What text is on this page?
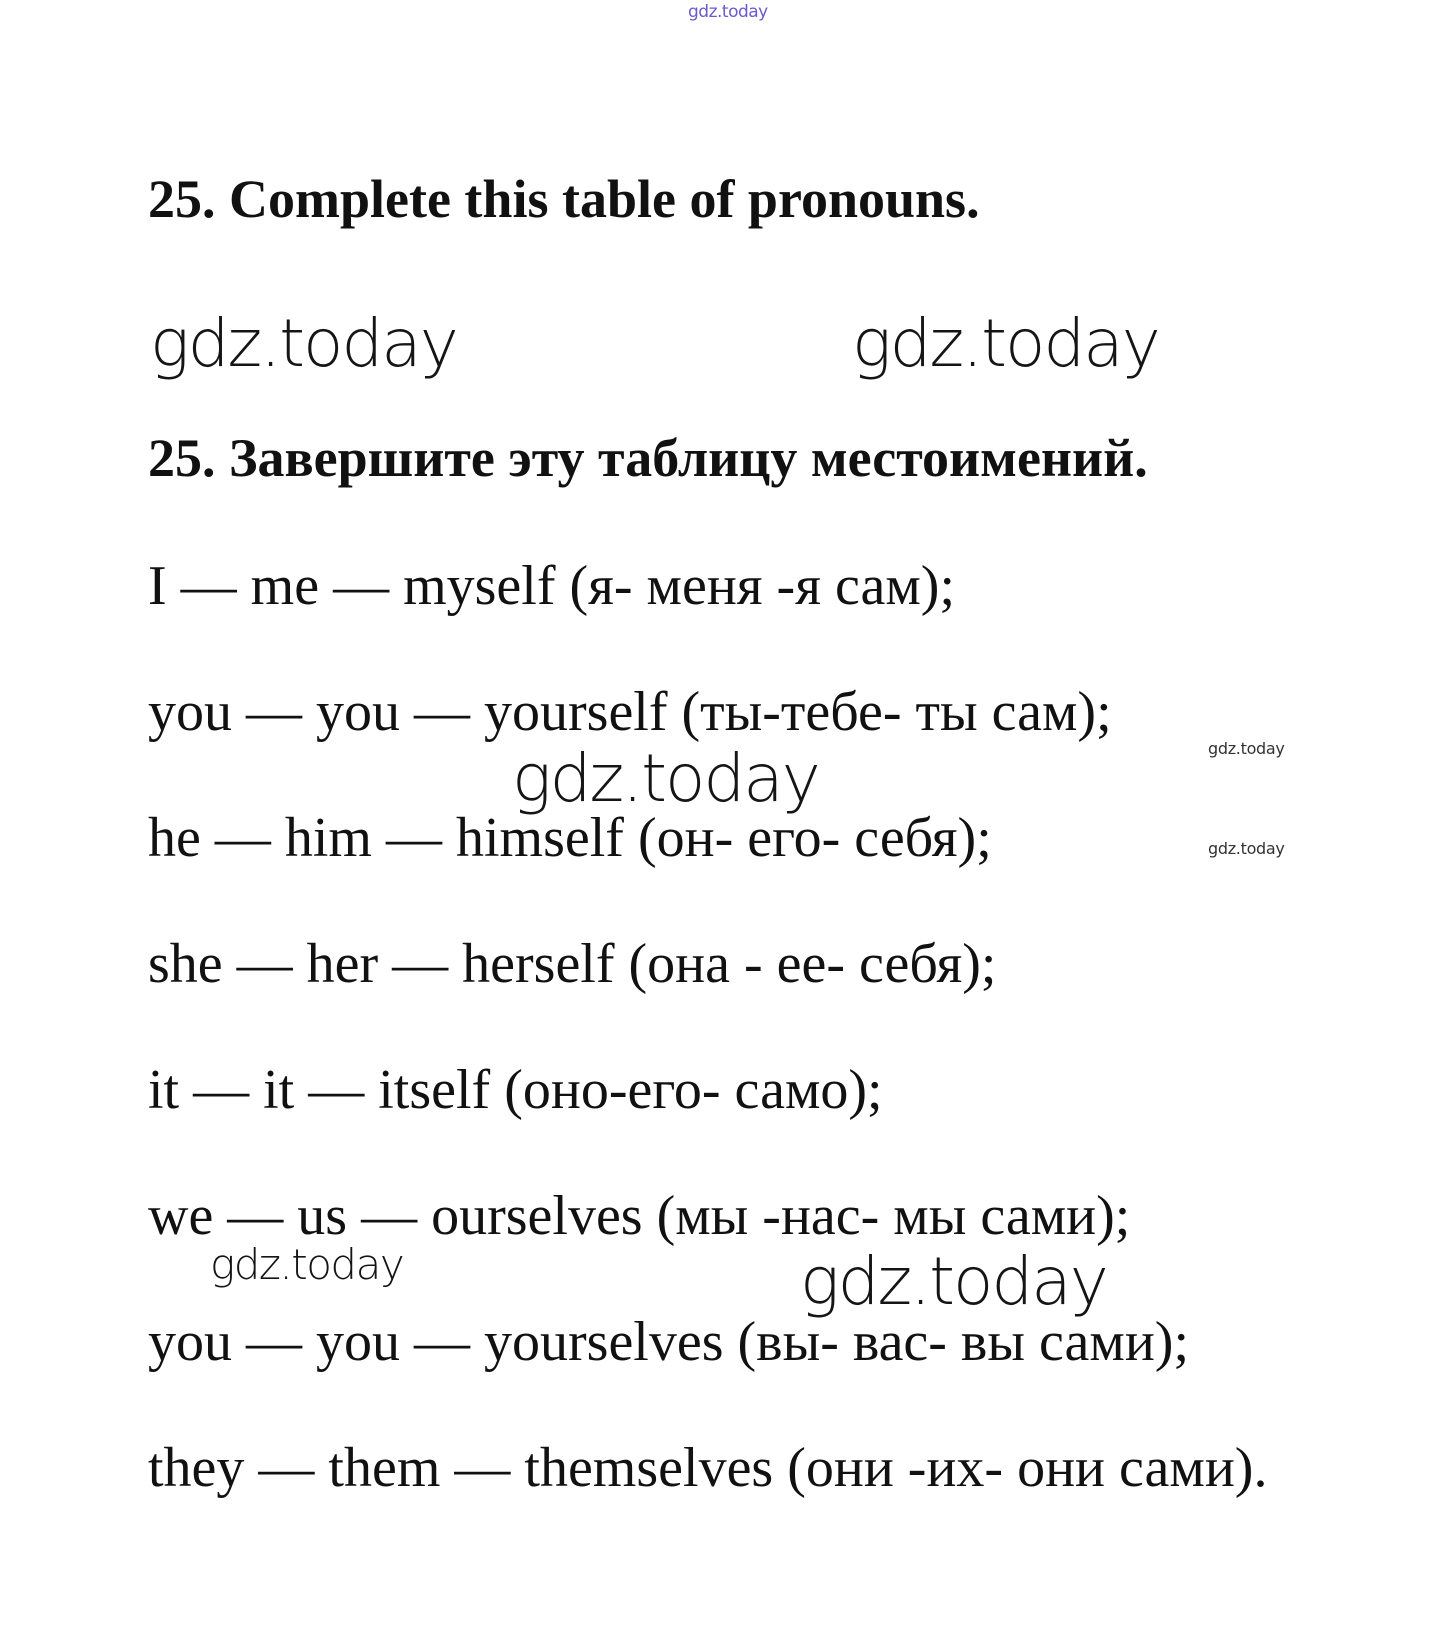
gdz.today
gdz.today	gdz.today
gdz.today	gdz.today
gdz.today
gdz.today	gdz.today
25. Complete this table of pronouns.
25. Завершите эту таблицу местоимений.

I — me — myself (я- меня -я сам);

you — you — yourself (ты-тебе- ты сам);

he — him — himself (он- его- себя);

she — her — herself (она - ее- себя);

it — it — itself (оно-его- само);

we — us — ourselves (мы -нас- мы сами);

you — you — yourselves (вы- вас- вы сами);

they — them — themselves (они -их- они сами).
